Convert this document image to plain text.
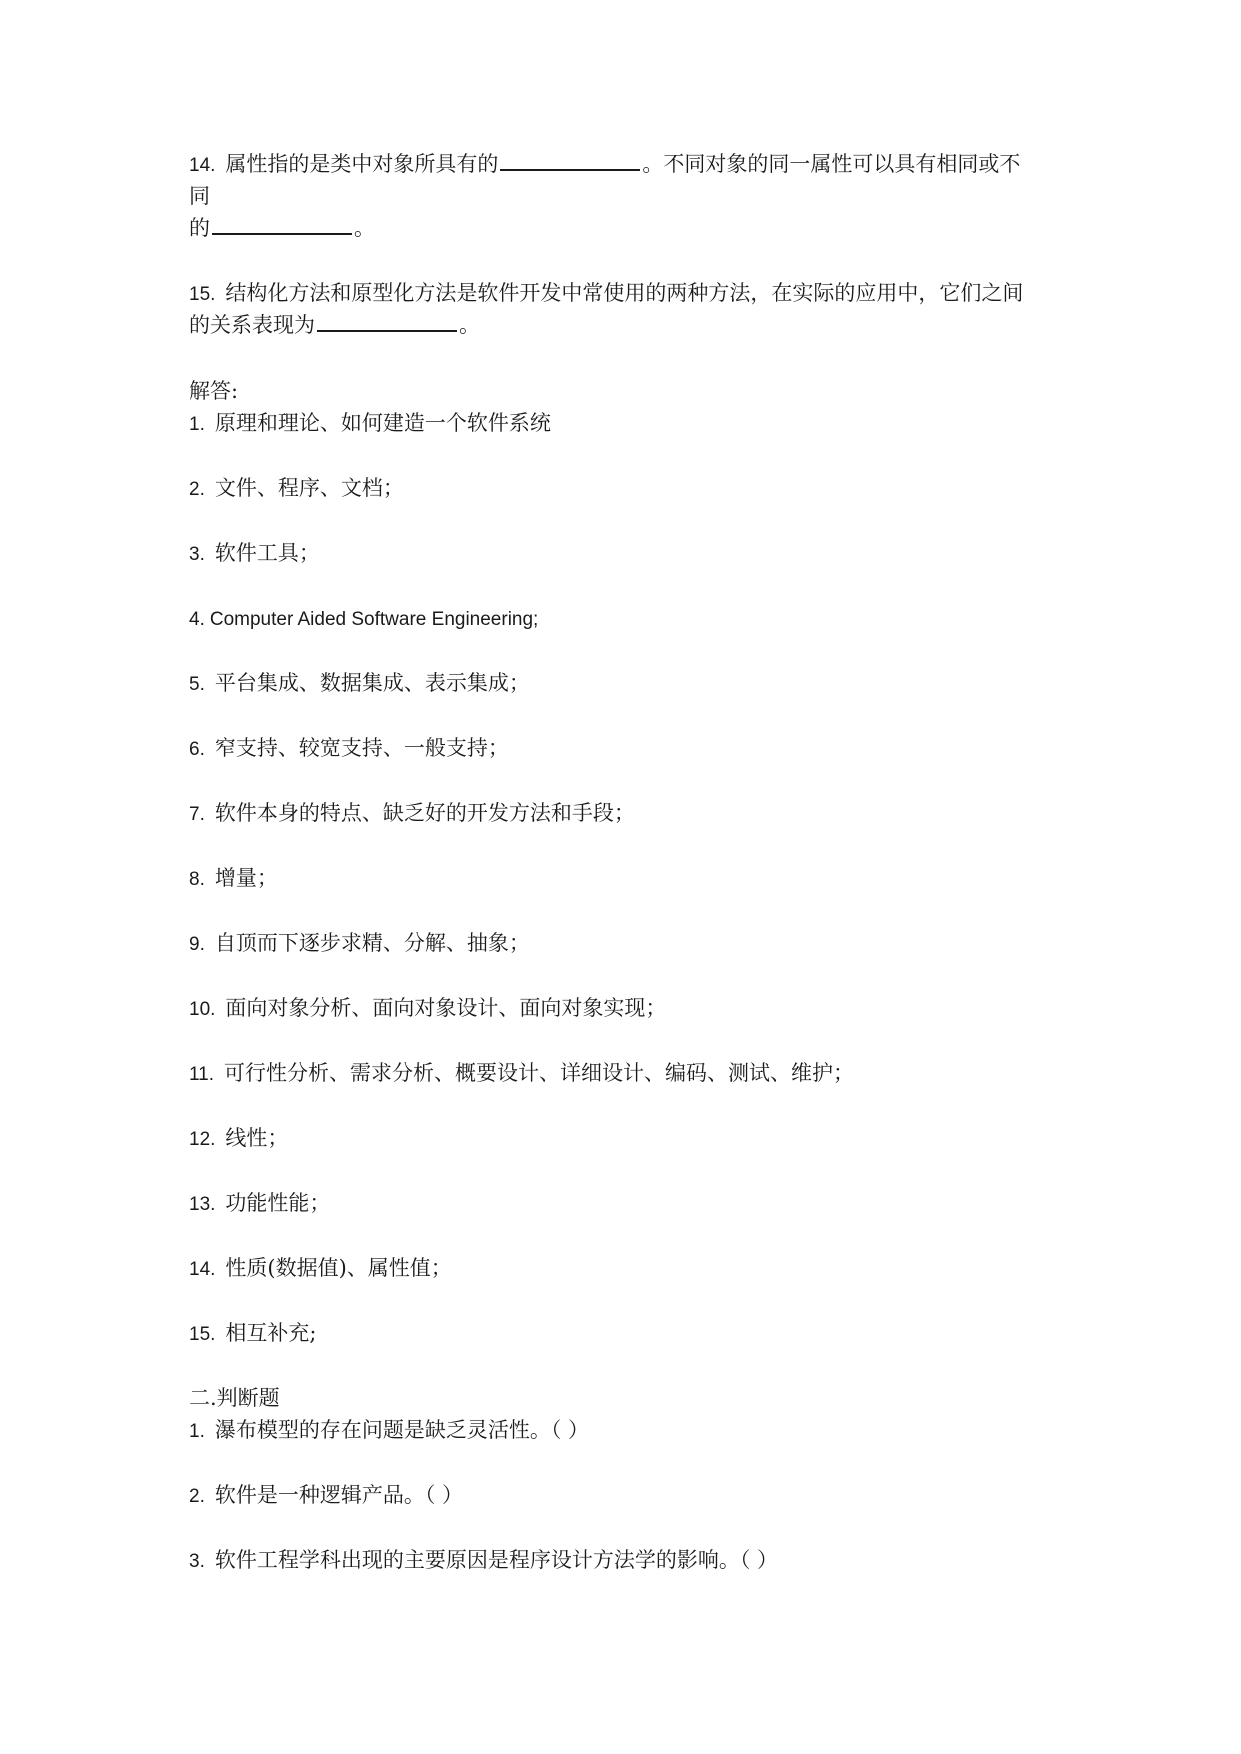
14. 属性指的是类中对象所具有的	。不同对象的同一属性可以具有相同或不
同
的	。
15. 结构化方法和原型化方法是软件开发中常使用的两种方法，在实际的应用中，它们之间
的关系表现为	。
解答:
1. 原理和理论、如何建造一个软件系统
2. 文件、程序、文档；
3. 软件工具；
4. Computer Aided Software Engineering;
5. 平台集成、数据集成、表示集成；
6. 窄支持、较宽支持、一般支持；
7. 软件本身的特点、缺乏好的开发方法和手段；
8. 增量；
9. 自顶而下逐步求精、分解、抽象；
10. 面向对象分析、面向对象设计、面向对象实现；
11. 可行性分析、需求分析、概要设计、详细设计、编码、测试、维护；
12. 线性；
13. 功能性能；
14. 性质(数据值)、属性值；
15. 相互补充;
二.判断题
1. 瀑布模型的存在问题是缺乏灵活性。（ ）
2. 软件是一种逻辑产品。（ ）
3. 软件工程学科出现的主要原因是程序设计方法学的影响。（ ）
